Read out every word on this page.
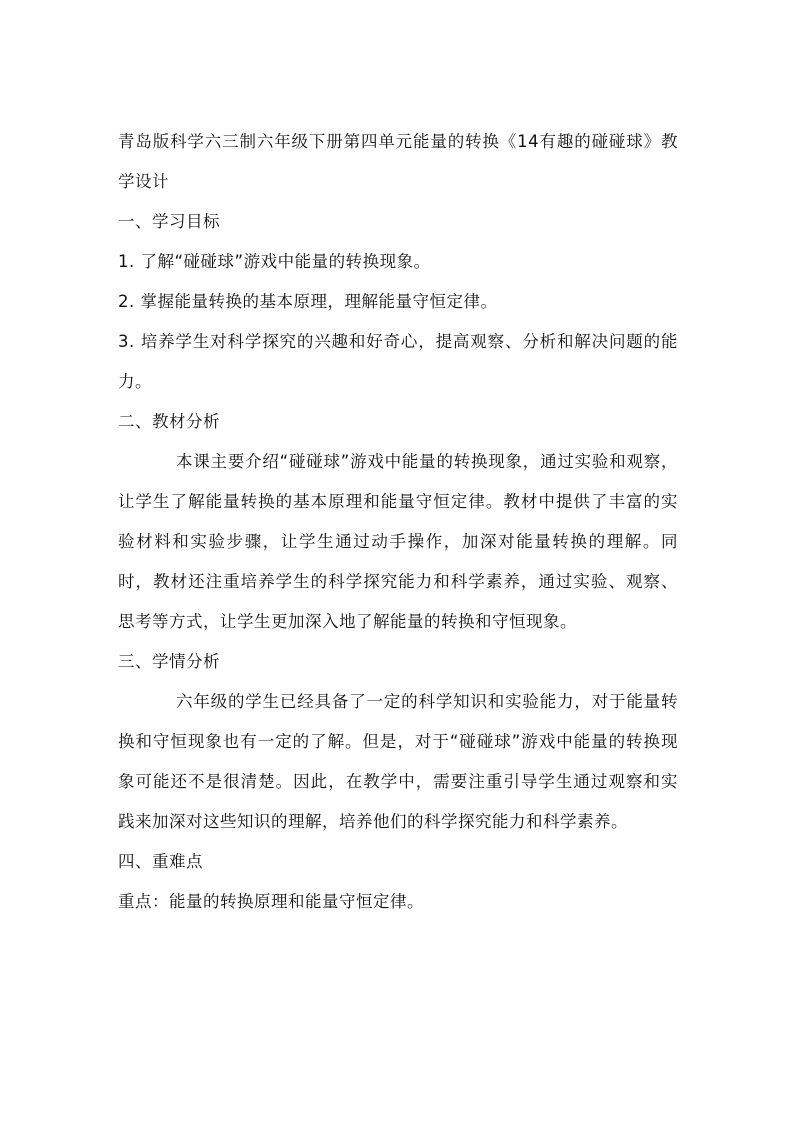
青岛版科学六三制六年级下册第四单元能量的转换《14有趣的碰碰球》教学设计

一、学习目标

1. 了解“碰碰球”游戏中能量的转换现象。

2. 掌握能量转换的基本原理，理解能量守恒定律。

3. 培养学生对科学探究的兴趣和好奇心，提高观察、分析和解决问题的能力。

二、教材分析

本课主要介绍“碰碰球”游戏中能量的转换现象，通过实验和观察，让学生了解能量转换的基本原理和能量守恒定律。教材中提供了丰富的实验材料和实验步骤，让学生通过动手操作，加深对能量转换的理解。同时，教材还注重培养学生的科学探究能力和科学素养，通过实验、观察、思考等方式，让学生更加深入地了解能量的转换和守恒现象。

三、学情分析

六年级的学生已经具备了一定的科学知识和实验能力，对于能量转换和守恒现象也有一定的了解。但是，对于“碰碰球”游戏中能量的转换现象可能还不是很清楚。因此，在教学中，需要注重引导学生通过观察和实践来加深对这些知识的理解，培养他们的科学探究能力和科学素养。

四、重难点

重点：能量的转换原理和能量守恒定律。
